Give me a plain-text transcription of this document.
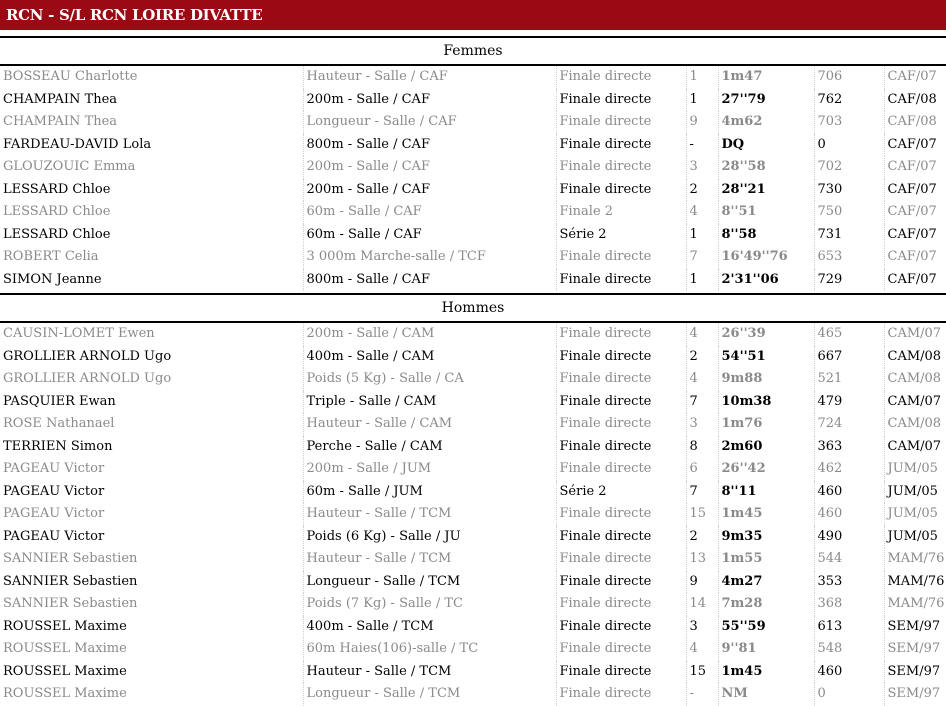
RCN - S/L RCN LOIRE DIVATTE
Femmes
BOSSEAU Charlotte	Hauteur - Salle / CAF	Finale directe	1	1m47	706	CAF/07
CHAMPAIN Thea	200m - Salle / CAF	Finale directe	1	27''79	762	CAF/08
CHAMPAIN Thea	Longueur - Salle / CAF	Finale directe	9	4m62	703	CAF/08
FARDEAU-DAVID Lola	800m - Salle / CAF	Finale directe	-	DQ	0	CAF/07
GLOUZOUIC Emma	200m - Salle / CAF	Finale directe	3	28''58	702	CAF/07
LESSARD Chloe	200m - Salle / CAF	Finale directe	2	28''21	730	CAF/07
LESSARD Chloe	60m - Salle / CAF	Finale 2	4	8''51	750	CAF/07
LESSARD Chloe	60m - Salle / CAF	Série 2	1	8''58	731	CAF/07
ROBERT Celia	3 000m Marche-salle / TCF	Finale directe	7	16'49''76	653	CAF/07
SIMON Jeanne	800m - Salle / CAF	Finale directe	1	2'31''06	729	CAF/07
Hommes
CAUSIN-LOMET Ewen	200m - Salle / CAM	Finale directe	4	26''39	465	CAM/07
GROLLIER ARNOLD Ugo	400m - Salle / CAM	Finale directe	2	54''51	667	CAM/08
GROLLIER ARNOLD Ugo	Poids (5 Kg) - Salle / CA	Finale directe	4	9m88	521	CAM/08
PASQUIER Ewan	Triple - Salle / CAM	Finale directe	7	10m38	479	CAM/07
ROSE Nathanael	Hauteur - Salle / CAM	Finale directe	3	1m76	724	CAM/08
TERRIEN Simon	Perche - Salle / CAM	Finale directe	8	2m60	363	CAM/07
PAGEAU Victor	200m - Salle / JUM	Finale directe	6	26''42	462	JUM/05
PAGEAU Victor	60m - Salle / JUM	Série 2	7	8''11	460	JUM/05
PAGEAU Victor	Hauteur - Salle / TCM	Finale directe	15	1m45	460	JUM/05
PAGEAU Victor	Poids (6 Kg) - Salle / JU	Finale directe	2	9m35	490	JUM/05
SANNIER Sebastien	Hauteur - Salle / TCM	Finale directe	13	1m55	544	MAM/76
SANNIER Sebastien	Longueur - Salle / TCM	Finale directe	9	4m27	353	MAM/76
SANNIER Sebastien	Poids (7 Kg) - Salle / TC	Finale directe	14	7m28	368	MAM/76
ROUSSEL Maxime	400m - Salle / TCM	Finale directe	3	55''59	613	SEM/97
ROUSSEL Maxime	60m Haies(106)-salle / TC	Finale directe	4	9''81	548	SEM/97
ROUSSEL Maxime	Hauteur - Salle / TCM	Finale directe	15	1m45	460	SEM/97
ROUSSEL Maxime	Longueur - Salle / TCM	Finale directe	-	NM	0	SEM/97
